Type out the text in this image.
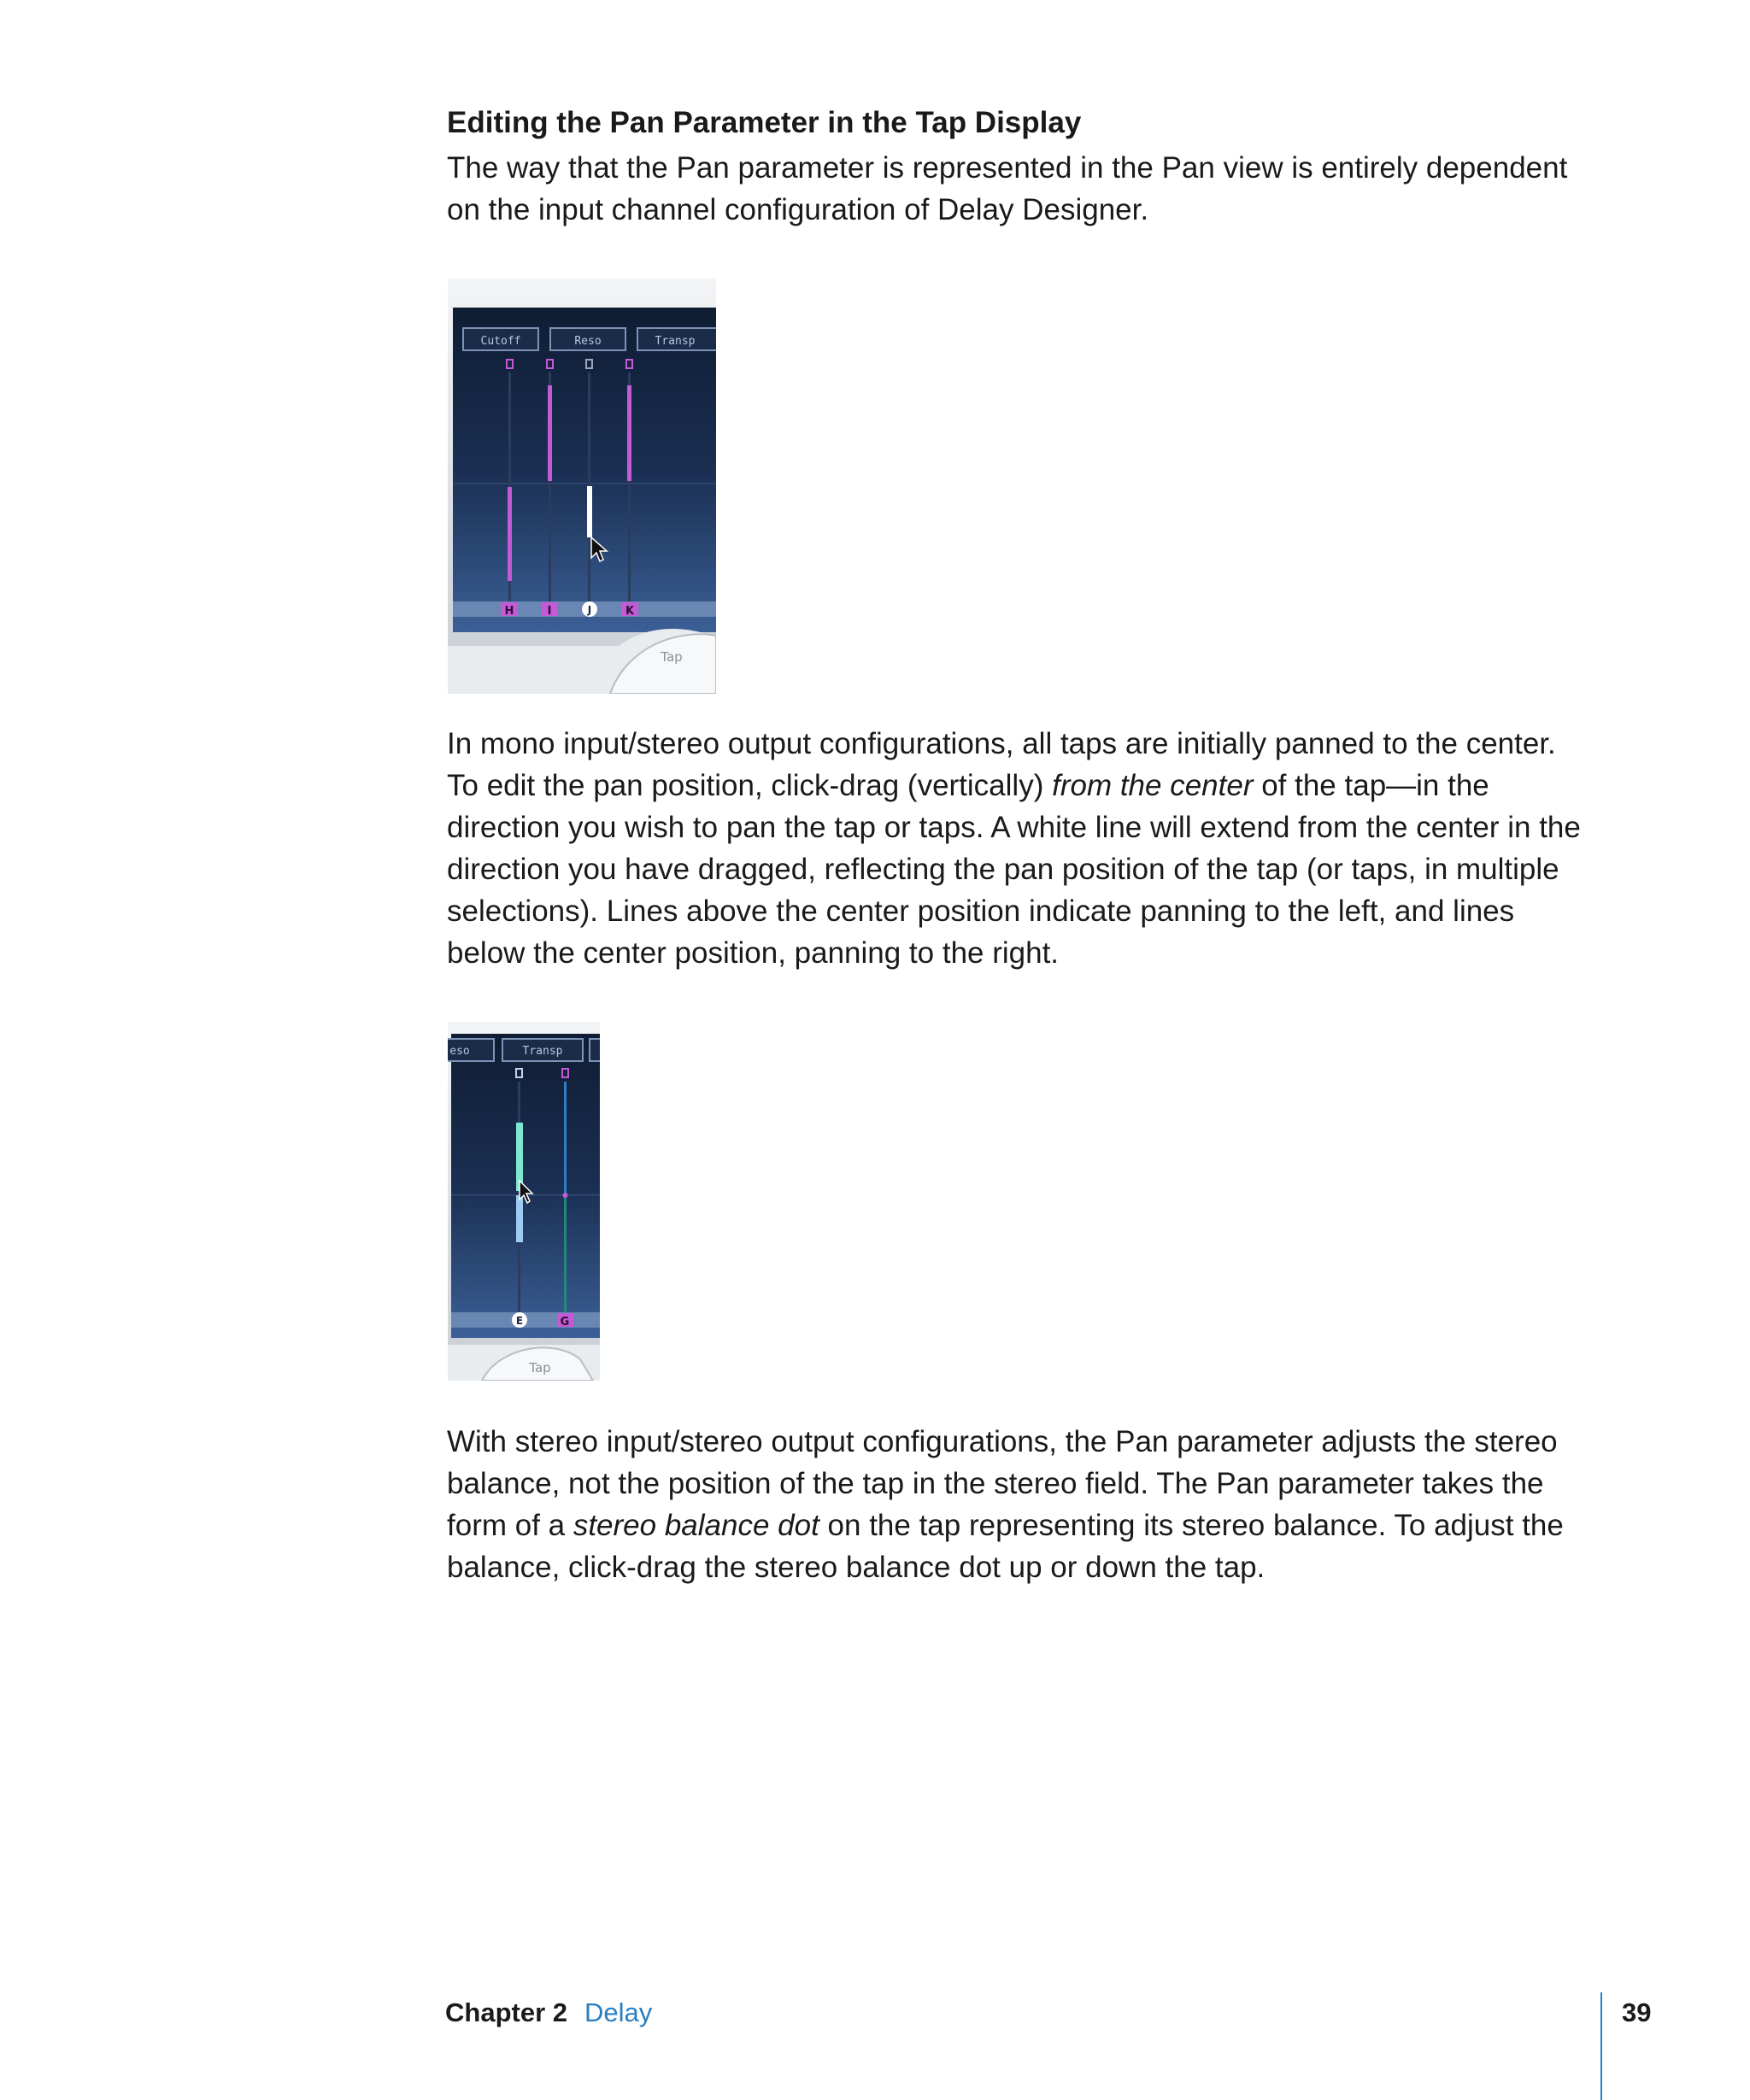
Editing the Pan Parameter in the Tap Display

The way that the Pan parameter is represented in the Pan view is entirely dependent on the input channel configuration of Delay Designer.

In mono input/stereo output configurations, all taps are initially panned to the center. To edit the pan position, click-drag (vertically) from the center of the tap—in the direction you wish to pan the tap or taps. A white line will extend from the center in the direction you have dragged, reflecting the pan position of the tap (or taps, in multiple selections). Lines above the center position indicate panning to the left, and lines below the center position, panning to the right.

With stereo input/stereo output configurations, the Pan parameter adjusts the stereo balance, not the position of the tap in the stereo field. The Pan parameter takes the form of a stereo balance dot on the tap representing its stereo balance. To adjust the balance, click-drag the stereo balance dot up or down the tap.

Cutoff	Reso	Transp
H	I	J	K
Tap
eso	Transp
E	G
Tap
Chapter 2 Delay	39
